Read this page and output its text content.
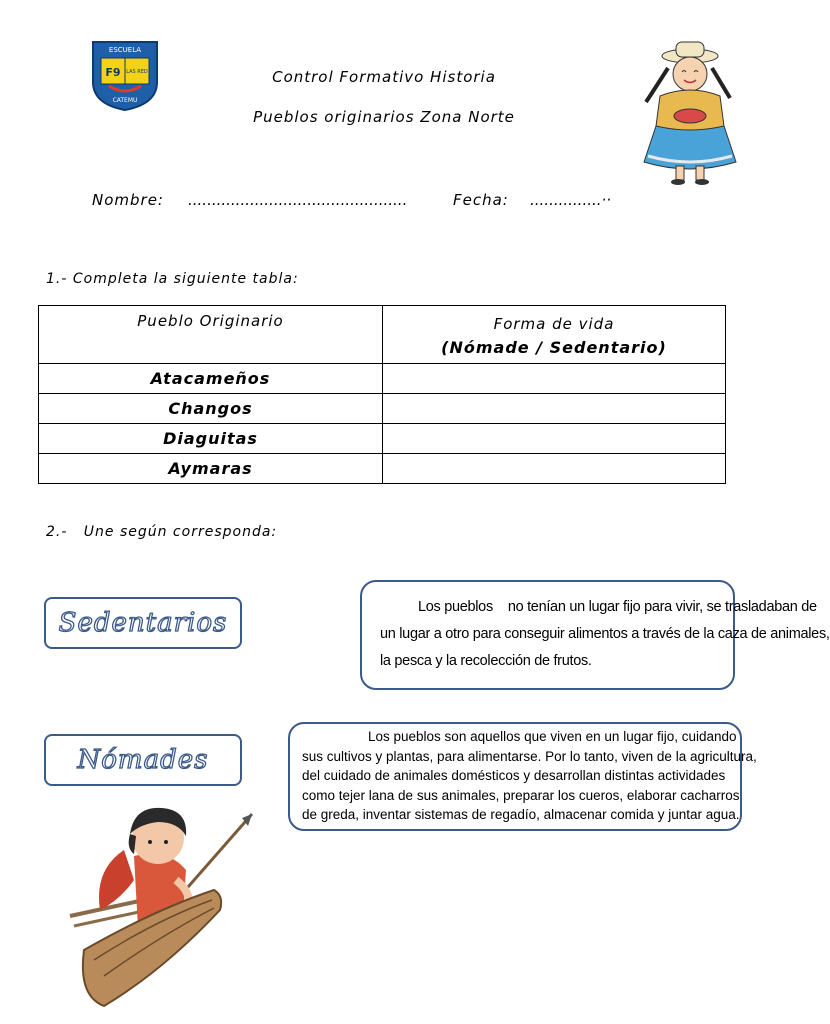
ESCUELA
F9 LAS RED
CATEMU
Control Formativo Historia
Pueblos originarios Zona Norte
Nombre: ..............................................	Fecha: ...............··
1.- Completa la siguiente tabla:
Pueblo Originario	Forma de vida
(Nómade / Sedentario)

Atacameños	
Changos	
Diaguitas	
Aymaras	
2.-   Une según corresponda:
Sedentarios
Nómades
Los pueblos    no tenían un lugar fijo para vivir, se trasladaban de
un lugar a otro para conseguir alimentos a través de la caza de animales,
la pesca y la recolección de frutos.
Los pueblos son aquellos que viven en un lugar fijo, cuidando
sus cultivos y plantas, para alimentarse. Por lo tanto, viven de la agricultura,
del cuidado de animales domésticos y desarrollan distintas actividades
como tejer lana de sus animales, preparar los cueros, elaborar cacharros
de greda, inventar sistemas de regadío, almacenar comida y juntar agua.
